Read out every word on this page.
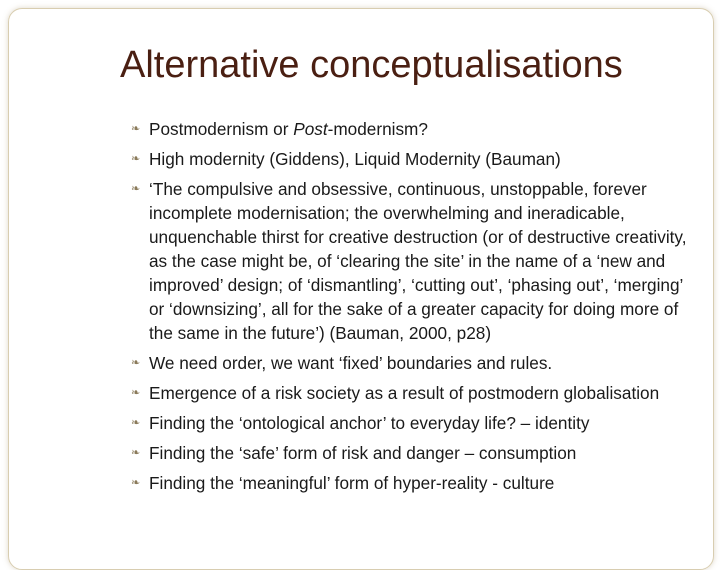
Alternative conceptualisations
❧
Postmodernism or Post-modernism?
❧
High modernity (Giddens), Liquid Modernity (Bauman)
❧
‘The compulsive and obsessive, continuous, unstoppable, forever incomplete modernisation; the overwhelming and ineradicable, unquenchable thirst for creative destruction (or of destructive creativity, as the case might be, of ‘clearing the site’ in the name of a ‘new and improved’ design; of ‘dismantling’, ‘cutting out’, ‘phasing out’, ‘merging’ or ‘downsizing’, all for the sake of a greater capacity for doing more of the same in the future’) (Bauman, 2000, p28)
❧
We need order, we want ‘fixed’ boundaries and rules.
❧
Emergence of a risk society as a result of postmodern globalisation
❧
Finding the ‘ontological anchor’ to everyday life? – identity
❧
Finding the ‘safe’ form of risk and danger – consumption
❧
Finding the ‘meaningful’ form of hyper-reality - culture
